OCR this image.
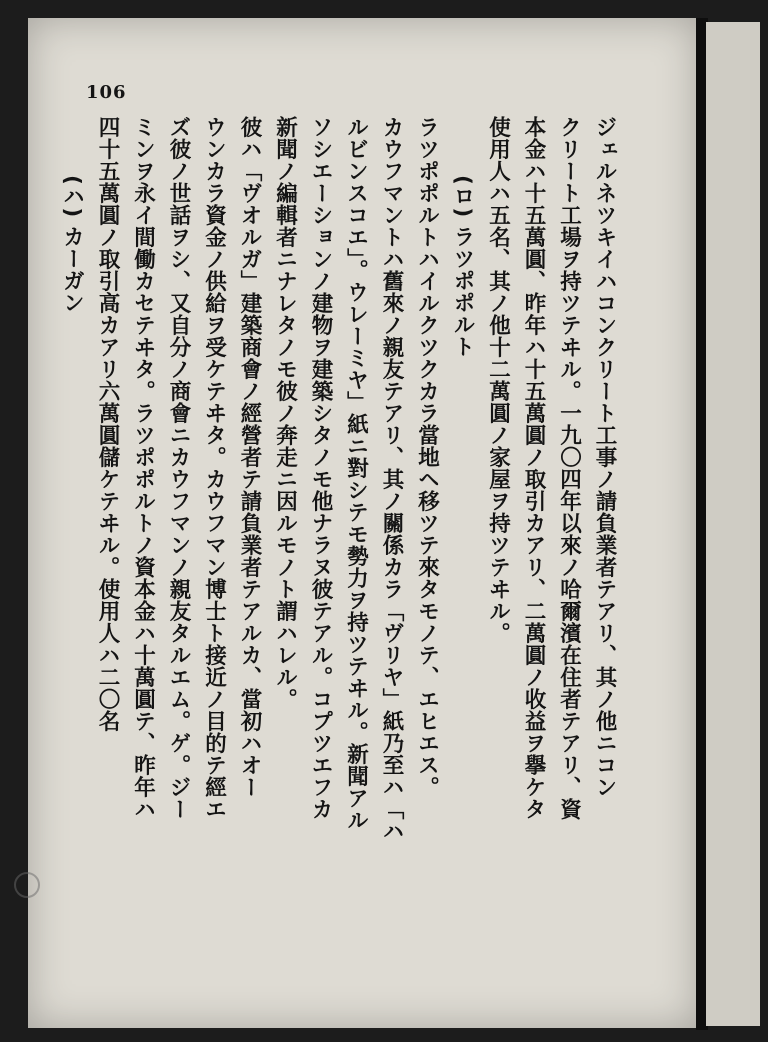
106
ジェルネツキイハコンクリート工事ノ請負業者テアリ、其ノ他ニコン
クリート工場ヲ持ツテヰル。一九〇四年以來ノ哈爾濱在住者テアリ、資
本金ハ十五萬圓、昨年ハ十五萬圓ノ取引カアリ、二萬圓ノ收益ヲ擧ケタ
使用人ハ五名、其ノ他十二萬圓ノ家屋ヲ持ツテヰル。
(ロ) ラツポポルト
ラツポポルトハイルクツクカラ當地ヘ移ツテ來タモノテ、エヒエス。
カウフマントハ舊來ノ親友テアリ、其ノ關係カラ「ヴリヤ」紙乃至ハ「ハ
ルビンスコエ」。ウレーミヤ」紙ニ對シテモ勢力ヲ持ツテヰル。新聞アル
ソシエーションノ建物ヲ建築シタノモ他ナラヌ彼テアル。コプツエフカ
新聞ノ編輯者ニナレタノモ彼ノ奔走ニ因ルモノト謂ハレル。
彼ハ「ヴオルガ」建築商會ノ經營者テ請負業者テアルカ、當初ハオー
ウンカラ資金ノ供給ヲ受ケテヰタ。カウフマン博士ト接近ノ目的テ經エ
ズ彼ノ世話ヲシ、又自分ノ商會ニカウフマンノ親友タルエム。ゲ。ジー
ミンヲ永イ間働カセテヰタ。ラツポポルトノ資本金ハ十萬圓テ、昨年ハ
四十五萬圓ノ取引高カアリ六萬圓儲ケテヰル。使用人ハ二〇名
(ハ) カーガン
